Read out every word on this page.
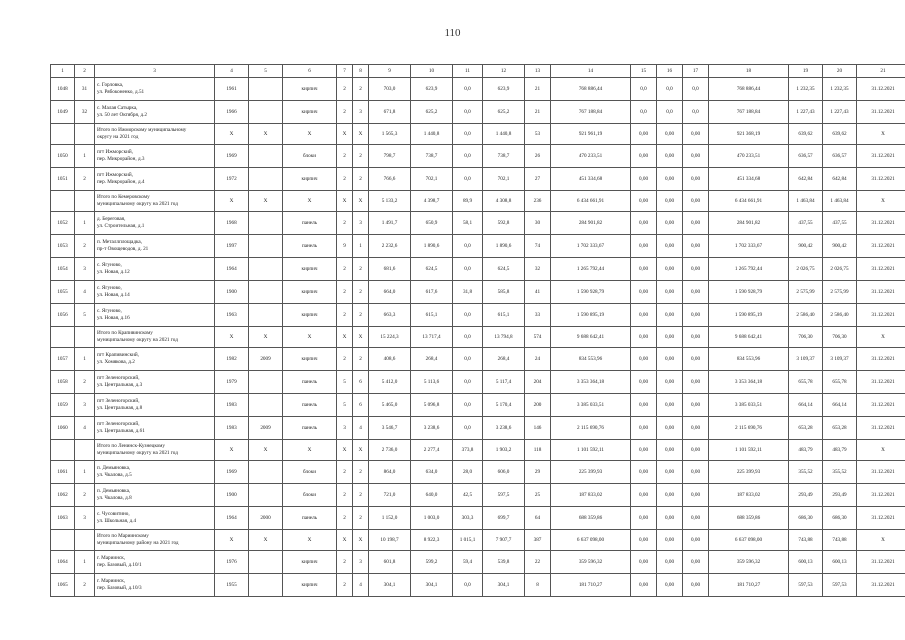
110
1	2	3	4	5	6	7	8	9	10	11	12	13	14	15	16	17	18	19	20	21
1048	31	с. Горловка,
ул. Рябоконенко, д.51	1961		кирпич	2	2	703,0	623,9	0,0	623,9	21	768 886,44	0,0	0,0	0,0	768 886,44	1 232,35	1 232,35	31.12.2021
1049	32	с. Малая Сатырка,
ул. 50 лет Октября, д.2	1966		кирпич	2	3	671,8	625,2	0,0	625,2	21	767 188,84	0,0	0,0	0,0	767 188,84	1 227,43	1 227,43	31.12.2021

		Итого по Ижморскому муниципальному
округу на 2021 год	X	X	X	X	X	1 565,3	1 440,8	0,0	1 440,8	53	921 961,19	0,00	0,00	0,00	921 368,19	639,62	639,62	X
1050	1	пгт Ижморский,
пер. Микрорайон, д.3	1969		блоки	2	2	798,7	738,7	0,0	738,7	26	470 233,51	0,00	0,00	0,00	470 233,51	636,57	636,57	31.12.2021
1051	2	пгт Ижморский,
пер. Микрорайон, д.4	1972		кирпич	2	2	766,6	702,1	0,0	702,1	27	451 334,68	0,00	0,00	0,00	451 334,68	642,84	642,84	31.12.2021

		Итого по Кемеровскому
муниципальному округу на 2021 год	X	X	X	X	X	5 133,2	4 398,7	89,9	4 308,8	236	6 434 661,91	0,00	0,00	0,00	6 434 661,91	1 463,84	1 463,84	X
1052	1	д. Береговая,
ул. Строительная, д.1	1968		панель	2	3	1 491,7	650,9	58,1	592,8	30	284 901,82	0,00	0,00	0,00	284 901,82	437,55	437,55	31.12.2021
1053	2	п. Металлплощадка,
пр-т Овощеводов, д. 21	1997		панель	9	1	2 232,6	1 890,6	0,0	1 890,6	74	1 702 333,67	0,00	0,00	0,00	1 702 333,67	900,42	900,42	31.12.2021
1054	3	с. Ягуново,
ул. Новая, д.12	1964		кирпич	2	2	681,6	624,5	0,0	624,5	32	1 265 792,44	0,00	0,00	0,00	1 265 792,44	2 026,75	2 026,75	31.12.2021
1055	4	с. Ягуново,
ул. Новая, д.14	1900		кирпич	2	2	664,0	617,6	31,8	585,8	41	1 590 928,79	0,00	0,00	0,00	1 590 928,79	2 575,99	2 575,99	31.12.2021
1056	5	с. Ягуново,
ул. Новая, д.16	1963		кирпич	2	2	663,3	615,1	0,0	615,1	33	1 590 895,19	0,00	0,00	0,00	1 590 895,19	2 586,40	2 586,40	31.12.2021

		Итого по Крапивинскому
муниципальному округу на 2021 год	X	X	X	X	X	15 224,3	13 717,4	0,0	13 794,8	574	9 688 642,41	0,00	0,00	0,00	9 688 642,41	706,30	706,30	X
1057	1	пгт Крапивинский,
ул. Хомякова, д.2	1982	2009	кирпич	2	2	408,6	268,4	0,0	268,4	24	834 553,96	0,00	0,00	0,00	834 553,96	3 109,37	3 109,37	31.12.2021
1058	2	пгт Зеленогорский,
ул. Центральная, д.3	1979		панель	5	6	5 412,0	5 113,6	0,0	5 117,4	204	3 353 364,18	0,00	0,00	0,00	3 353 364,18	655,78	655,78	31.12.2021
1059	3	пгт Зеленогорский,
ул. Центральная, д.8	1983		панель	5	6	5 465,0	5 096,8	0,0	5 170,4	200	3 385 033,51	0,00	0,00	0,00	3 385 033,51	664,14	664,14	31.12.2021
1060	4	пгт Зеленогорский,
ул. Центральная, д.61	1983	2009	панель	3	4	3 546,7	3 238,6	0,0	3 238,6	146	2 115 690,76	0,00	0,00	0,00	2 115 690,76	653,28	653,28	31.12.2021

		Итого по Ленинск-Кузнецкому
муниципальному округу на 2021 год	X	X	X	X	X	2 736,0	2 277,4	373,8	1 903,2	118	1 101 592,11	0,00	0,00	0,00	1 101 592,11	483,79	483,79	X
1061	1	п. Демьяновка,
ул. Чкалова, д.5	1969		блоки	2	2	864,0	634,0	28,0	606,0	29	225 399,93	0,00	0,00	0,00	225 399,93	355,52	355,52	31.12.2021
1062	2	п. Демьяновка,
ул. Чкалова, д.8	1900		блоки	2	2	721,0	640,0	42,5	597,5	25	187 833,02	0,00	0,00	0,00	187 833,02	293,49	293,49	31.12.2021
1063	3	с. Чусовитино,
ул. Школьная, д.4	1964	2000	панель	2	2	1 152,0	1 003,0	303,3	699,7	64	688 359,86	0,00	0,00	0,00	688 359,86	686,30	686,30	31.12.2021

		Итого по Мариинскому
муниципальному району на 2021 год	X	X	X	X	X	10 198,7	8 922,3	1 015,1	7 907,7	387	6 637 098,00	0,00	0,00	0,00	6 637 098,00	743,88	743,88	X
1064	1	г. Мариинск,
пер. Базовый, д.10/1	1976		кирпич	2	3	601,8	599,2	59,4	539,8	22	359 596,32	0,00	0,00	0,00	359 596,32	600,13	600,13	31.12.2021
1065	2	г. Мариинск,
пер. Базовый, д.10/3	1955		кирпич	2	4	304,1	304,1	0,0	304,1	8	181 710,27	0,00	0,00	0,00	181 710,27	597,53	597,53	31.12.2021
